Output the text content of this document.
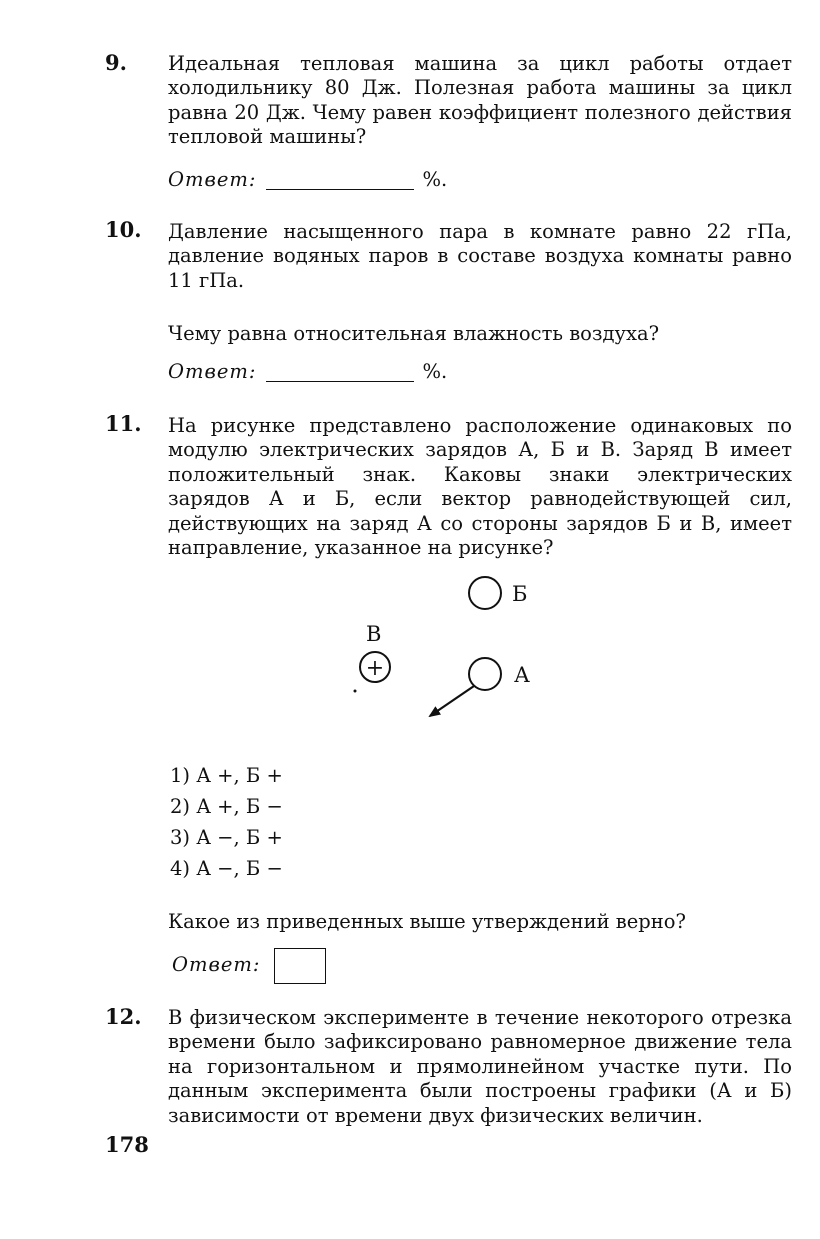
9. Идеальная тепловая машина за цикл работы отдает холодильнику 80 Дж. Полезная работа машины за цикл равна 20 Дж. Чему равен коэффициент полезного действия тепловой машины?
Ответ:	%.
10. Давление насыщенного пара в комнате равно 22 гПа, давление водяных паров в составе воздуха комнаты равно 11 гПа.
Чему равна относительная влажность воздуха?
Ответ:	%.
11. На рисунке представлено расположение одинаковых по модулю электрических зарядов А, Б и В. Заряд В имеет положительный знак. Каковы знаки электрических зарядов А и Б, если вектор равнодействующей сил, действующих на заряд А со стороны зарядов Б и В, имеет направление, указанное на рисунке?
Б
В
+	А
1) А +, Б +
2) А +, Б −
3) А −, Б +
4) А −, Б −
Какое из приведенных выше утверждений верно?
Ответ:
12. В физическом эксперименте в течение некоторого отрезка времени было зафиксировано равномерное движение тела на горизонтальном и прямолинейном участке пути. По данным эксперимента были построены графики (А и Б) зависимости от времени двух физических величин.
178
